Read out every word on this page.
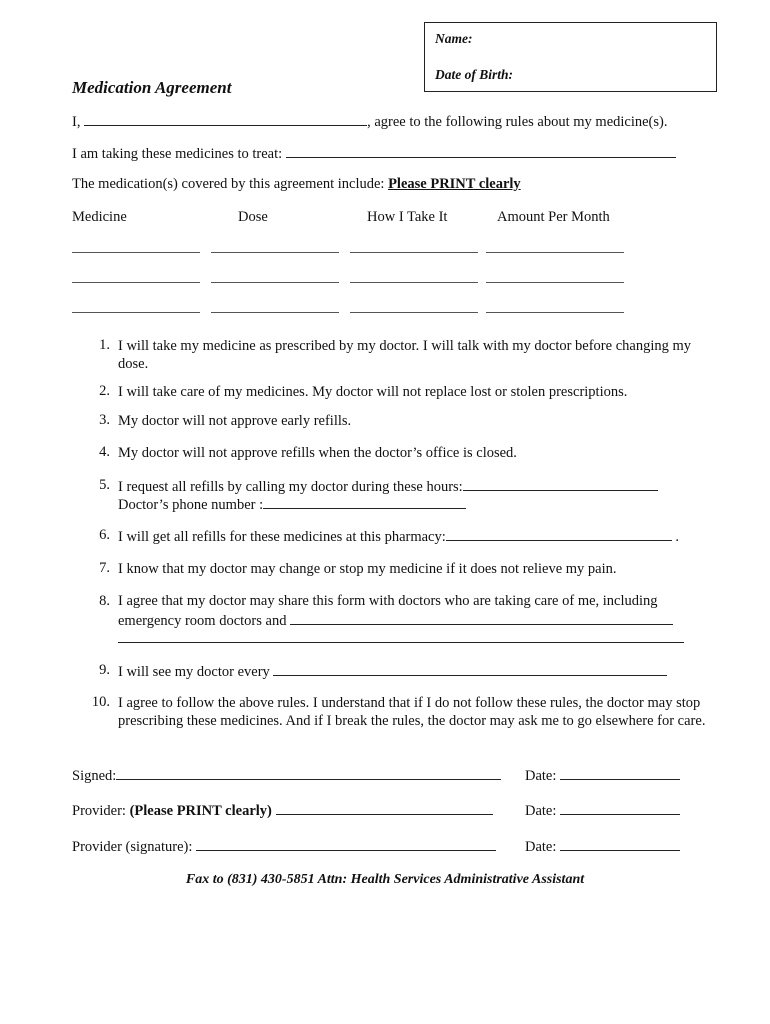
Name:
Date of Birth:
Medication Agreement
I,	, agree to the following rules about my medicine(s).
I am taking these medicines to treat:
The medication(s) covered by this agreement include: Please PRINT clearly
Medicine	Dose	How I Take It	Amount Per Month
1. I will take my medicine as prescribed by my doctor. I will talk with my doctor before changing my dose.
2. I will take care of my medicines. My doctor will not replace lost or stolen prescriptions.
3. My doctor will not approve early refills.
4. My doctor will not approve refills when the doctor’s office is closed.
5. I request all refills by calling my doctor during these hours:
Doctor’s phone number :
6. I will get all refills for these medicines at this pharmacy:	.
7. I know that my doctor may change or stop my medicine if it does not relieve my pain.
8. I agree that my doctor may share this form with doctors who are taking care of me, including
emergency room doctors and
9. I will see my doctor every
10. I agree to follow the above rules. I understand that if I do not follow these rules, the doctor may stop prescribing these medicines. And if I break the rules, the doctor may ask me to go elsewhere for care.
Signed:	Date:
Provider: (Please PRINT clearly)	Date:
Provider (signature):	Date:
Fax to (831) 430-5851 Attn: Health Services Administrative Assistant
